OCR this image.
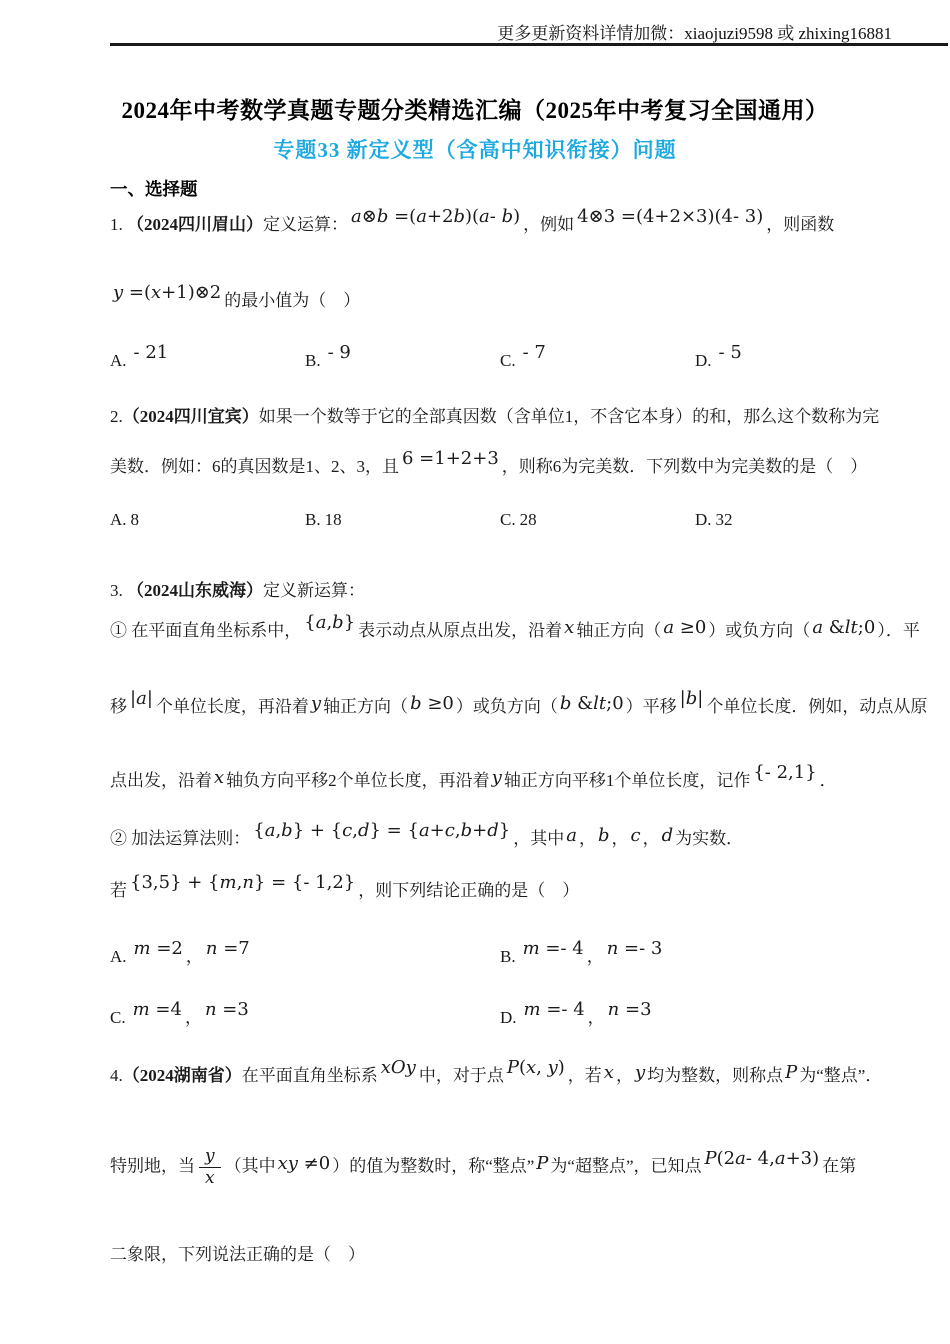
更多更新资料详情加微：xiaojuzi9598 或 zhixing16881
2024年中考数学真题专题分类精选汇编（2025年中考复习全国通用）
专题33 新定义型（含高中知识衔接）问题
一、选择题
1. （2024四川眉山）定义运算： a⊗b =(a+2b)(a- b) ，例如 4⊗3 =(4+2×3)(4- 3) ，则函数
y =(x+1)⊗2 的最小值为（　）
A. - 21	B. - 9	C. - 7	D. - 5
2.（2024四川宜宾）如果一个数等于它的全部真因数（含单位1，不含它本身）的和，那么这个数称为完
美数．例如：6的真因数是1、2、3，且 6 =1+2+3 ，则称6为完美数．下列数中为完美数的是（　）
A. 8	B. 18	C. 28	D. 32
3. （2024山东威海）定义新运算：
① 在平面直角坐标系中， {a,b} 表示动点从原点出发，沿着 x 轴正方向（ a ≥0 ）或负方向（ a &lt;0 ）．平
移 |a| 个单位长度，再沿着 y 轴正方向（ b ≥0 ）或负方向（ b &lt;0 ）平移 |b| 个单位长度．例如，动点从原
点出发，沿着 x 轴负方向平移2个单位长度，再沿着 y 轴正方向平移1个单位长度，记作 {- 2,1} ．
② 加法运算法则： {a,b} + {c,d} = {a+c,b+d} ，其中 a ， b ， c ， d 为实数．
若 {3,5} + {m,n} = {- 1,2} ，则下列结论正确的是（　）
A. m =2 ， n =7	B. m =- 4 ， n =- 3
C. m =4 ， n =3	D. m =- 4 ， n =3
4.（2024湖南省）在平面直角坐标系 xOy 中，对于点 P(x, y) ，若 x ， y 均为整数，则称点 P 为“整点”．
特别地，当 $\frac{y}{x}$ （其中 xy ≠0 ）的值为整数时，称“整点” P 为“超整点”，已知点 P(2a- 4,a+3) 在第
二象限，下列说法正确的是（　）
